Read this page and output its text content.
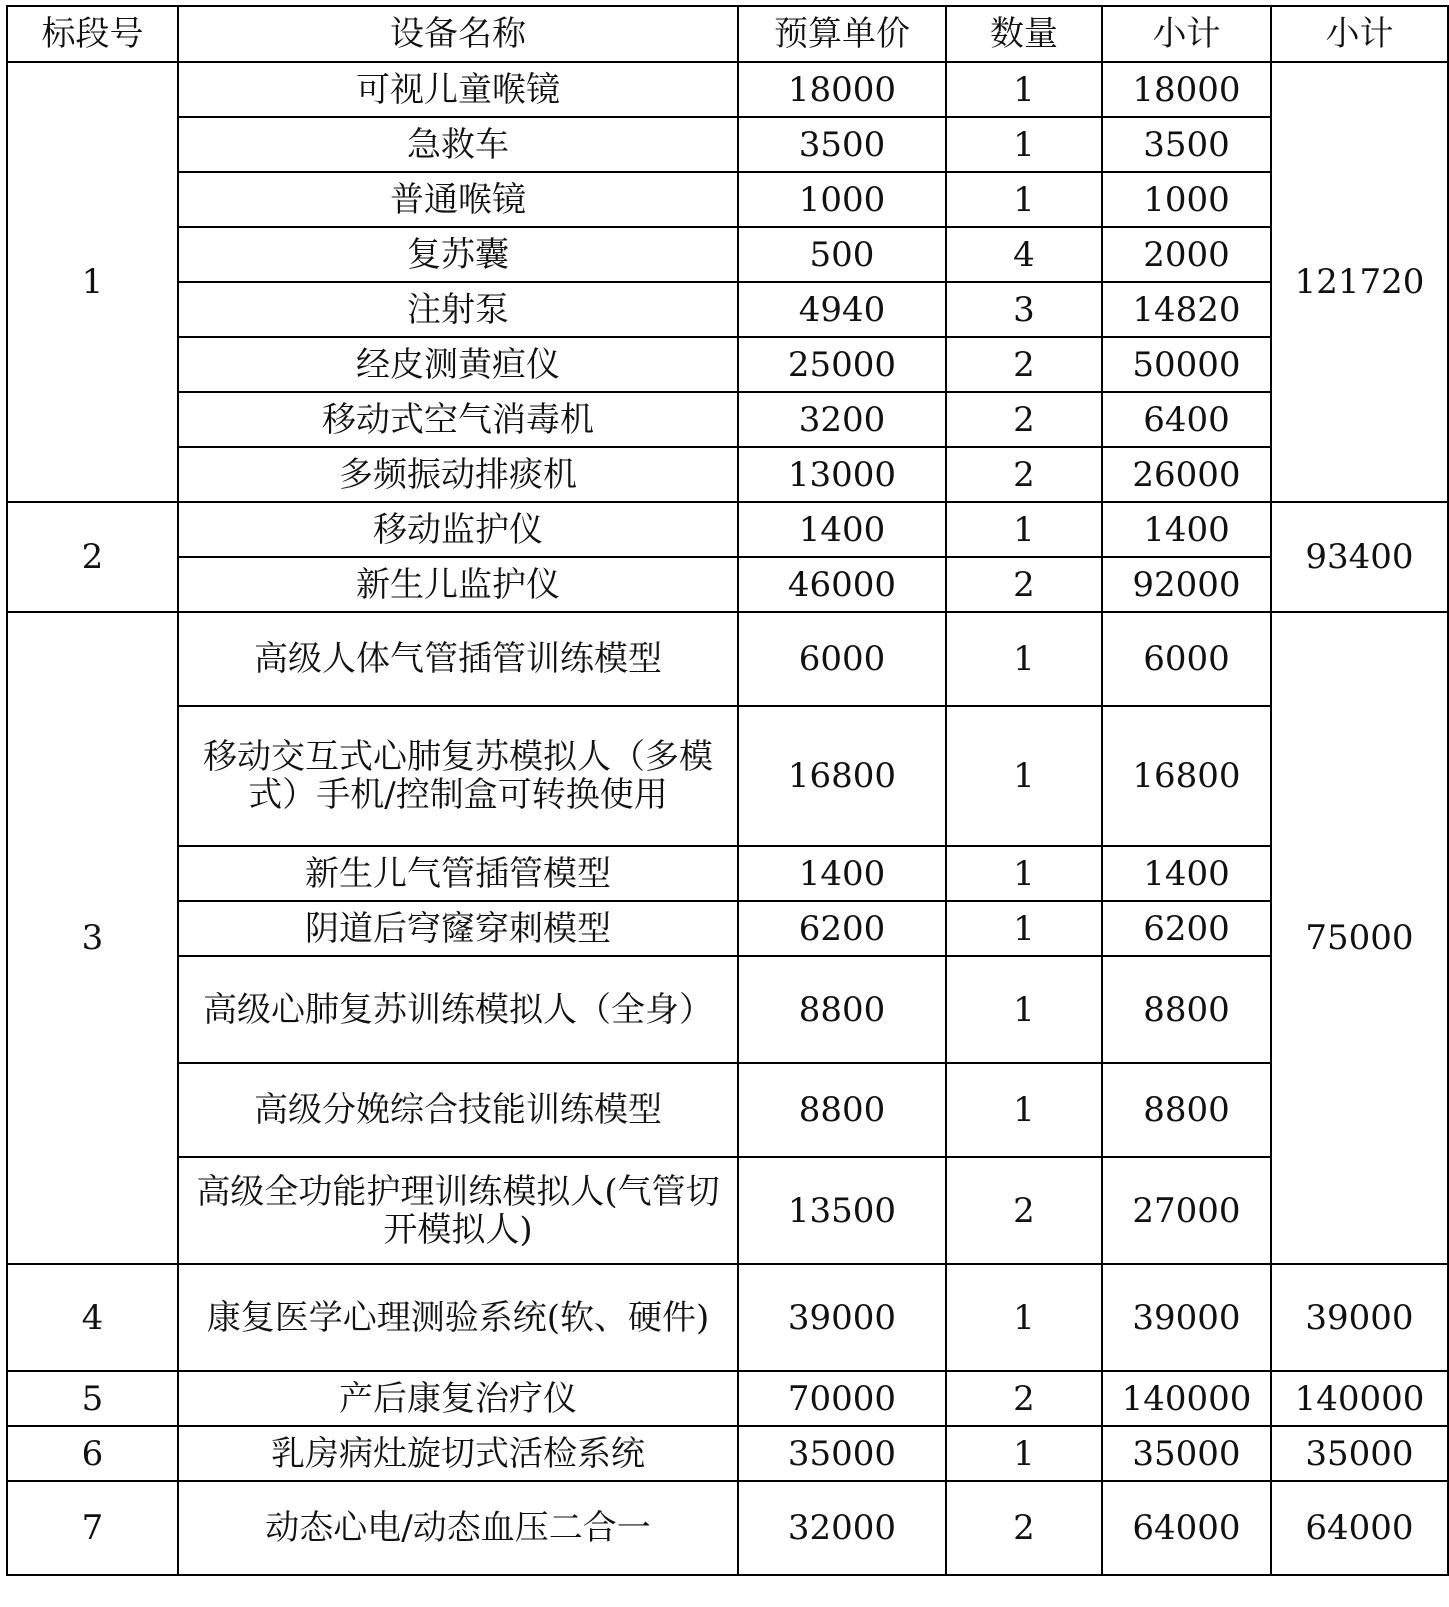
标段号	设备名称	预算单价	数量	小计	小计
1	可视儿童喉镜	18000	1	18000	121720
	急救车	3500	1	3500	
	普通喉镜	1000	1	1000	
	复苏囊	500	4	2000	
	注射泵	4940	3	14820	
	经皮测黄疸仪	25000	2	50000	
	移动式空气消毒机	3200	2	6400	
	多频振动排痰机	13000	2	26000	
2	移动监护仪	1400	1	1400	93400
	新生儿监护仪	46000	2	92000	
3	高级人体气管插管训练模型	6000	1	6000	75000
	移动交互式心肺复苏模拟人（多模式）手机/控制盒可转换使用	16800	1	16800	
	新生儿气管插管模型	1400	1	1400	
	阴道后穹窿穿刺模型	6200	1	6200	
	高级心肺复苏训练模拟人（全身）	8800	1	8800	
	高级分娩综合技能训练模型	8800	1	8800	
	高级全功能护理训练模拟人(气管切开模拟人)	13500	2	27000	
4	康复医学心理测验系统(软、硬件)	39000	1	39000	39000
5	产后康复治疗仪	70000	2	140000	140000
6	乳房病灶旋切式活检系统	35000	1	35000	35000
7	动态心电/动态血压二合一	32000	2	64000	64000
